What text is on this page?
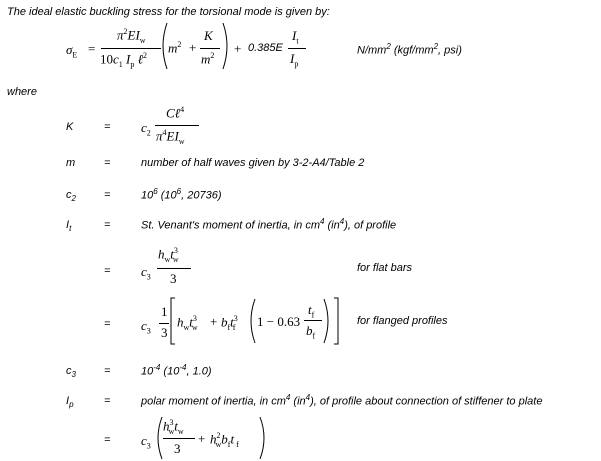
The ideal elastic buckling stress for the torsional mode is given by:
$\sigma_E$ =
$\pi^2EI_w$
$10c_1$ $I_p$ ℓ$^2$
$m^2$ +
K
$m^2 + 0.385E$
$I_t$
$I_p$
$N/mm^2$ ($kgf/mm^2$, psi)
where
K	= $c_2$
Cℓ$^4$
$\pi^4EI_w$
m	=	number of half waves given by 3-2-A4/Table 2
$c_2$	=	$10^6$ ($10^6$, 20736)
$I_t$	=	St. Venant's moment of inertia, in $cm^4$ $(in^4)$, of profile
= $c_3$
$h_wt^3_w$
3
for flat bars
= $c_3$
1
3
$h_wt^3_w + b_ft^3_f$ 1 − 0.63
$t_f$
$b_f$
for flanged profiles
$c_3$	=	$10^{-4}$ ($10^{-4}$, 1.0)
$I_p$	=	polar moment of inertia, in $cm^4$ $(in^4)$, of profile about connection of stiffener to plate
= $c_3$
$h^3_wt_w$
3
+ $h^2_wb_ft$ $_f$
